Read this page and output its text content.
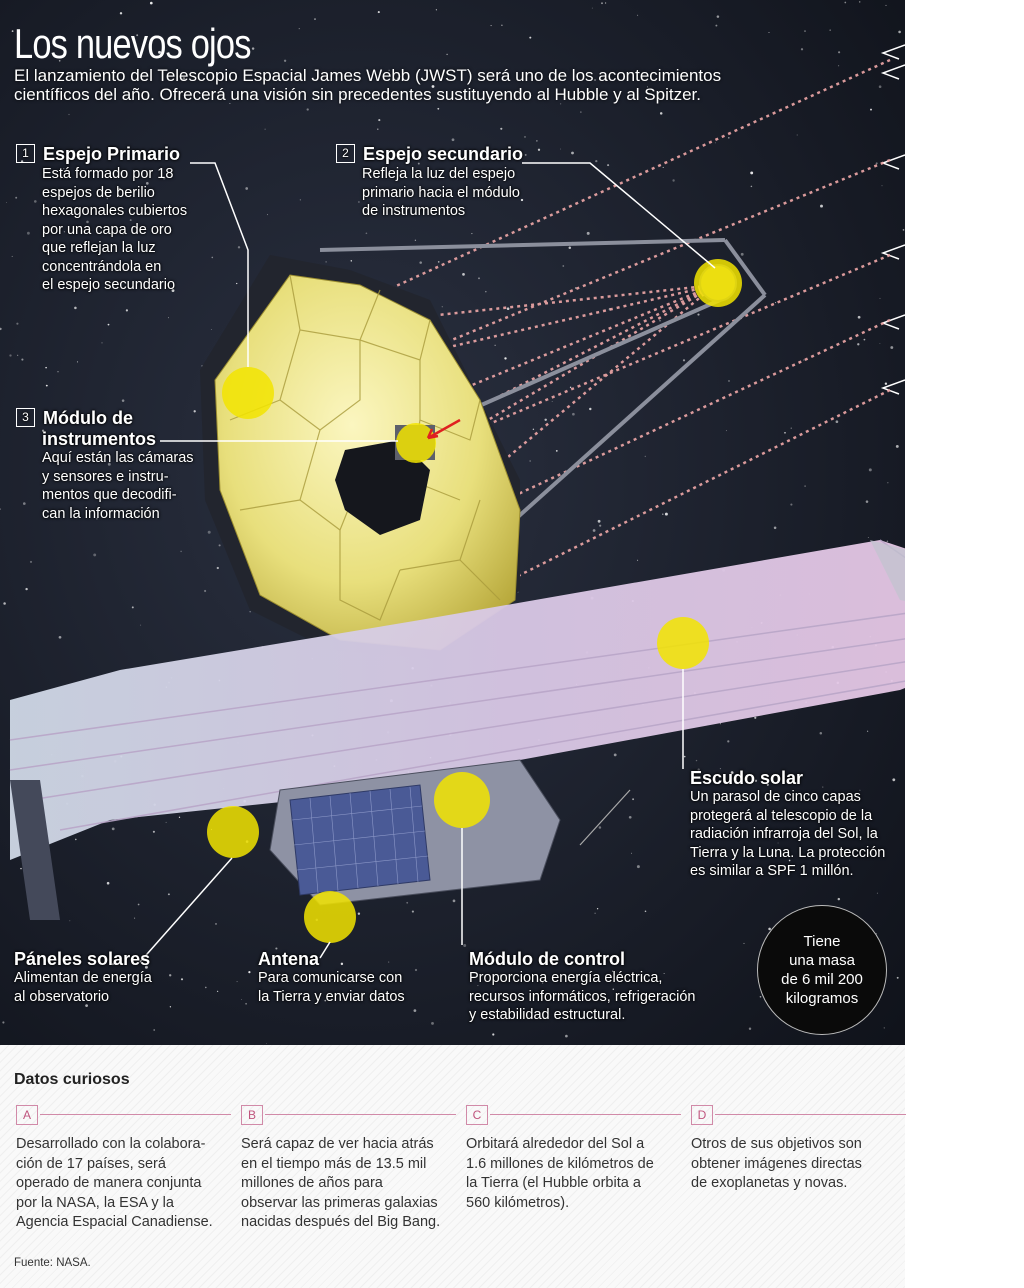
Los nuevos ojos
El lanzamiento del Telescopio Espacial James Webb (JWST) será uno de los acontecimientos científicos del año. Ofrecerá una visión sin precedentes sustituyendo al Hubble y al Spitzer.
1 Espejo Primario
Está formado por 18
espejos de berilio
hexagonales cubiertos
por una capa de oro
que reflejan la luz
concentrándola en
el espejo secundario
2 Espejo secundario
Refleja la luz del espejo
primario hacia el módulo
de instrumentos
3 Módulo de
instrumentos
Aquí están las cámaras
y sensores e instru-
mentos que decodifi-
can la información
Escudo solar
Un parasol de cinco capas
protegerá al telescopio de la
radiación infrarroja del Sol, la
Tierra y la Luna. La protección
es similar a SPF 1 millón.
Páneles solares
Alimentan de energía
al observatorio
Antena
Para comunicarse con
la Tierra y enviar datos
Módulo de control
Proporciona energía eléctrica,
recursos informáticos, refrigeración
y estabilidad estructural.
Tiene
una masa
de 6 mil 200
kilogramos
Datos curiosos
A
Desarrollado con la colabora-
ción de 17 países, será
operado de manera conjunta
por la NASA, la ESA y la
Agencia Espacial Canadiense.
B
Será capaz de ver hacia atrás
en el tiempo más de 13.5 mil
millones de años para
observar las primeras galaxias
nacidas después del Big Bang.
C
Orbitará alrededor del Sol a
1.6 millones de kilómetros de
la Tierra (el Hubble orbita a
560 kilómetros).
D
Otros de sus objetivos son
obtener imágenes directas
de exoplanetas y novas.
Fuente: NASA.
